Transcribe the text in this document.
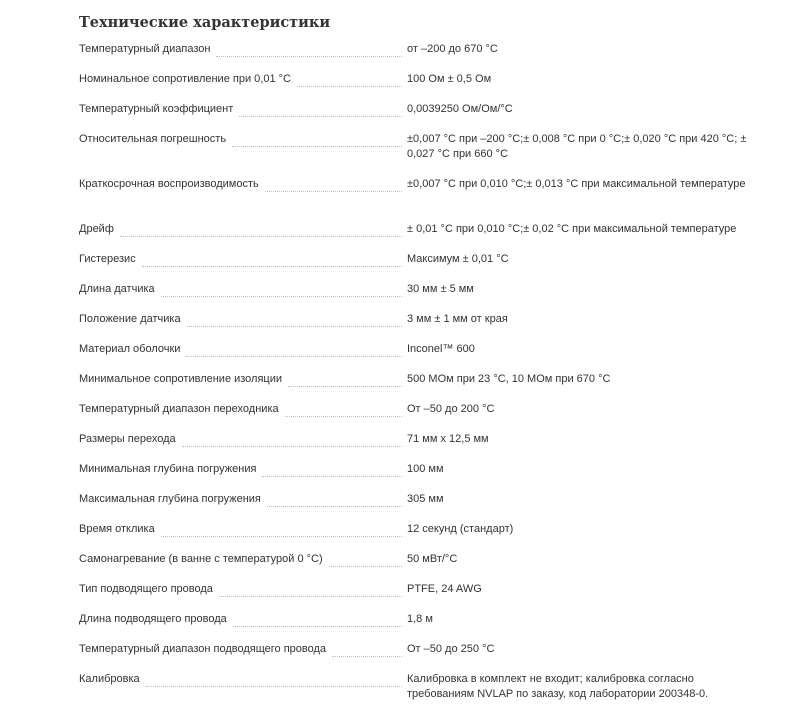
Технические характеристики
Температурный диапазон	от –200 до 670 °C
Номинальное сопротивление при 0,01 °C	100 Ом ± 0,5 Ом
Температурный коэффициент	0,0039250 Ом/Ом/°C
Относительная погрешность	±0,007 °C при –200 °C;± 0,008 °C при 0 °C;± 0,020 °C при 420 °C; ± 0,027 °C при 660 °C
Краткосрочная воспроизводимость	±0,007 °C при 0,010 °C;± 0,013 °C при максимальной температуре
Дрейф	± 0,01 °C при 0,010 °C;± 0,02 °C при максимальной температуре
Гистерезис	Максимум ± 0,01 °C
Длина датчика	30 мм ± 5 мм
Положение датчика	3 мм ± 1 мм от края
Материал оболочки	Inconel™ 600
Минимальное сопротивление изоляции	500 МОм при 23 °C, 10 МОм при 670 °C
Температурный диапазон переходника	От –50 до 200 °C
Размеры перехода	71 мм x 12,5 мм
Минимальная глубина погружения	100 мм
Максимальная глубина погружения	305 мм
Время отклика	12 секунд (стандарт)
Самонагревание (в ванне с температурой 0 °C)	50 мВт/°C
Тип подводящего провода	PTFE, 24 AWG
Длина подводящего провода	1,8 м
Температурный диапазон подводящего провода	От –50 до 250 °C
Калибровка	Калибровка в комплект не входит; калибровка согласно требованиям NVLAP по заказу, код лаборатории 200348-0.
